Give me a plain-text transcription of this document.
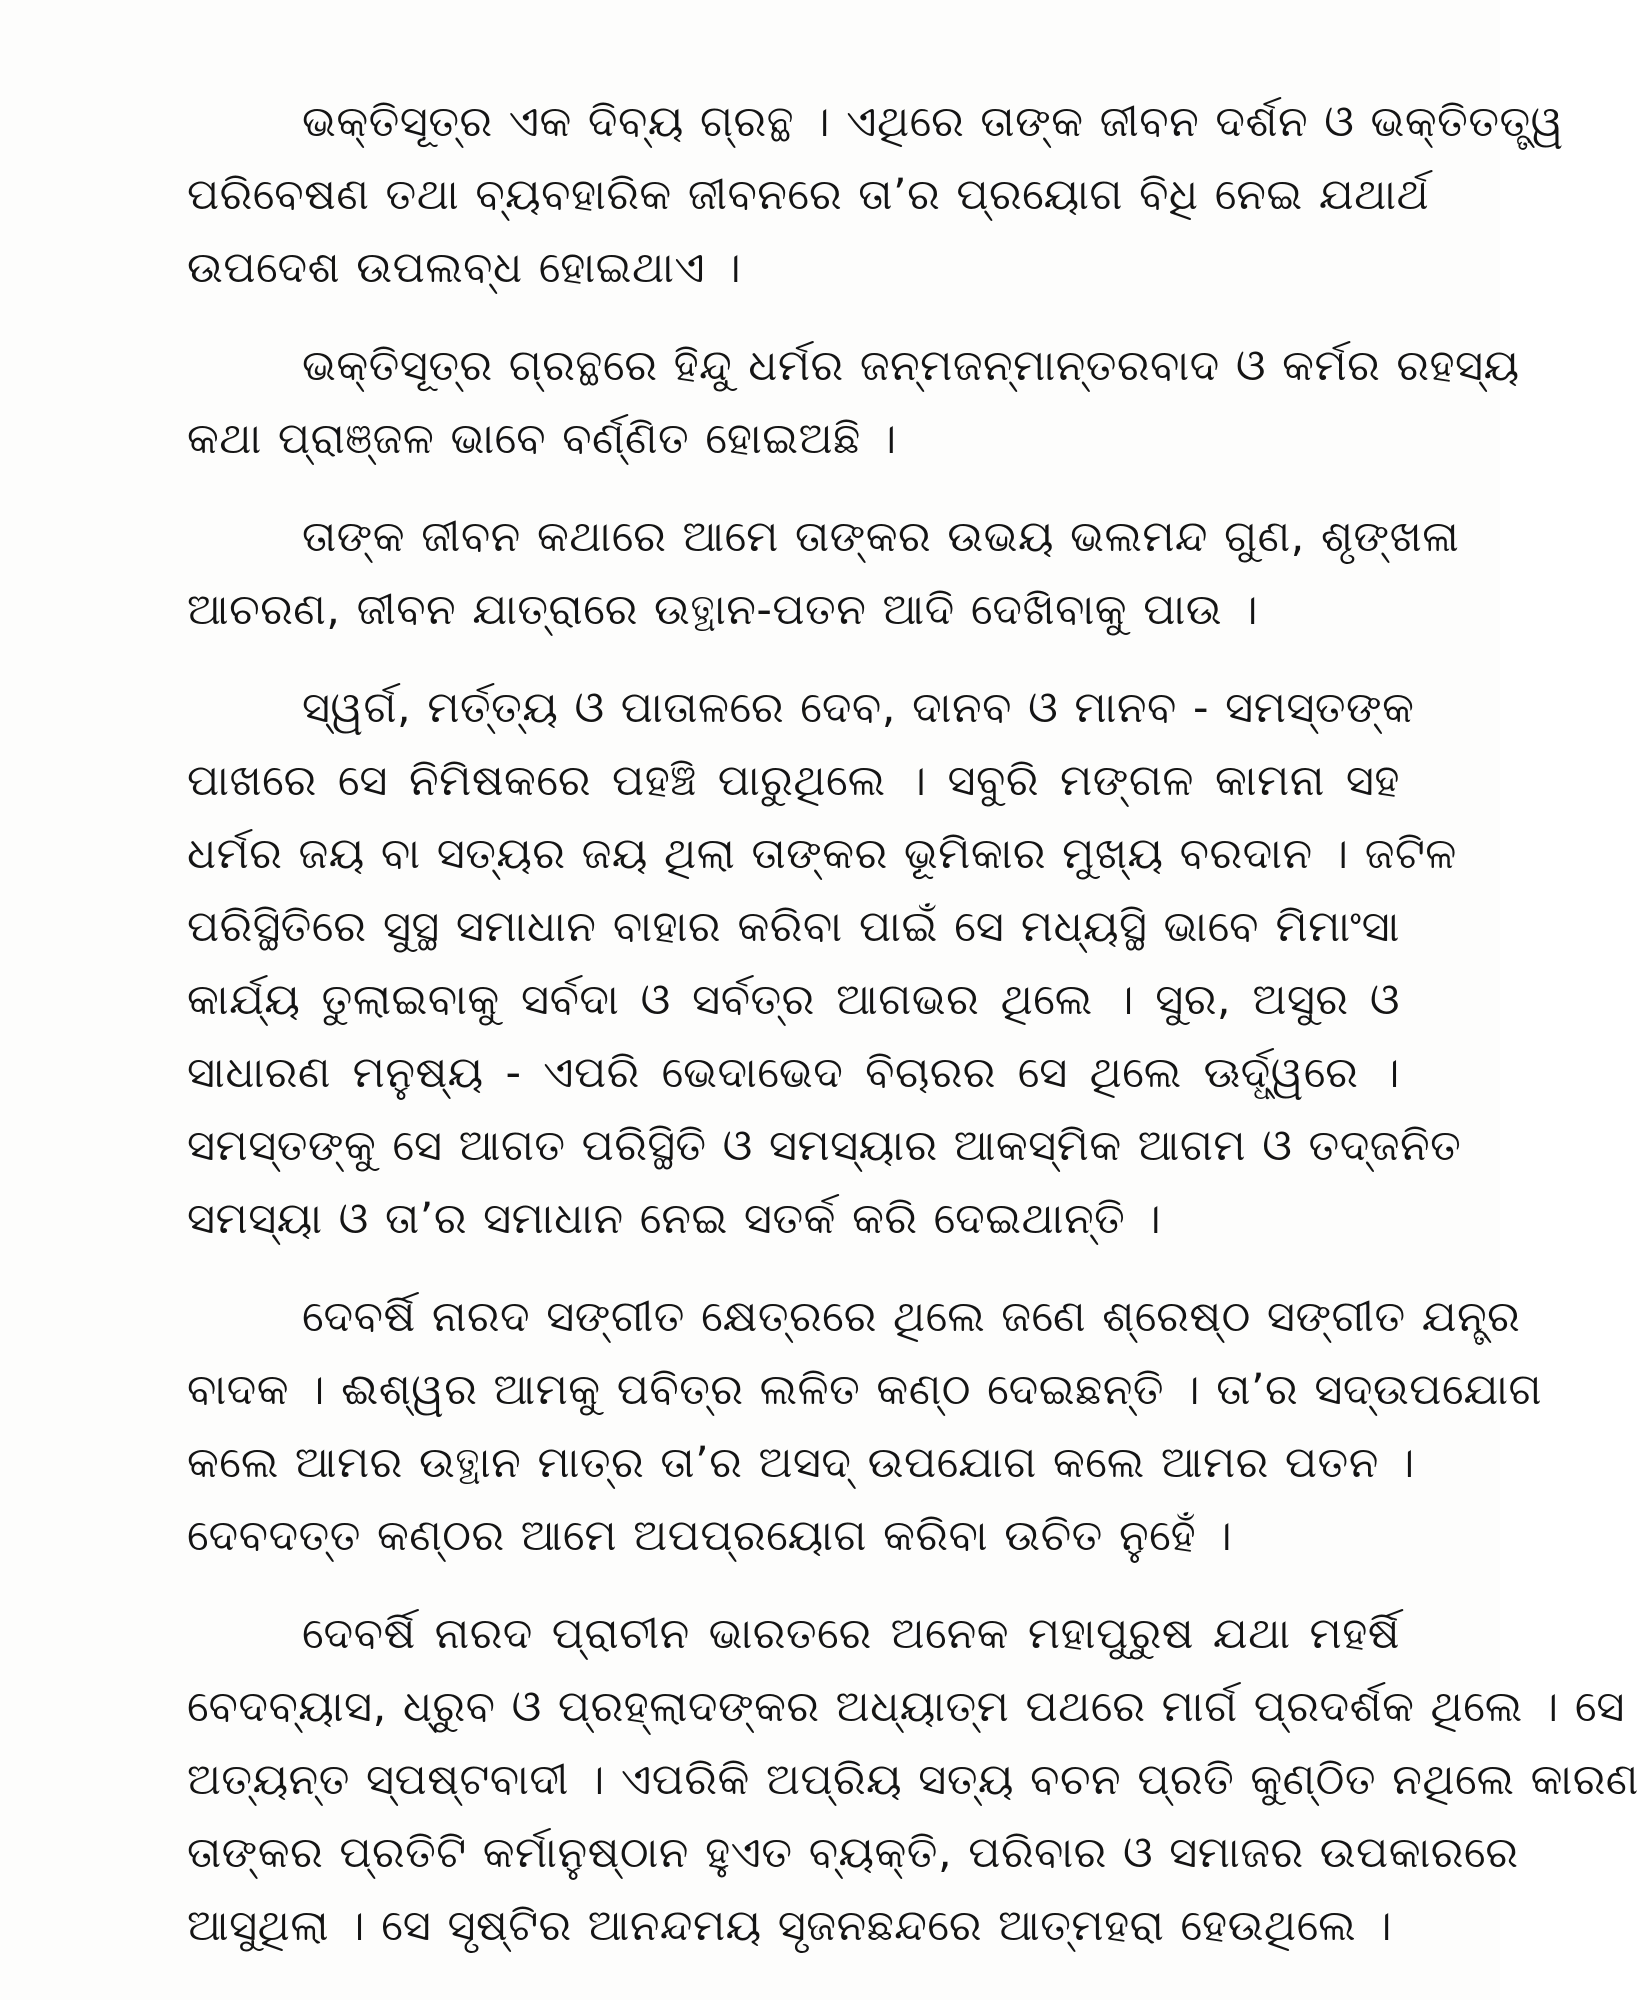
ଭକ୍ତିସୂତ୍ର ଏକ ଦିବ୍ୟ ଗ୍ରନ୍ଥ । ଏଥିରେ ତାଙ୍କ ଜୀବନ ଦର୍ଶନ ଓ ଭକ୍ତିତତ୍ତ୍ୱ
ପରିବେଷଣ ତଥା ବ୍ୟବହାରିକ ଜୀବନରେ ତା’ର ପ୍ରୟୋଗ ବିଧି ନେଇ ଯଥାର୍ଥ
ଉପଦେଶ ଉପଲବ୍ଧ ହୋଇଥାଏ ।
ଭକ୍ତିସୂତ୍ର ଗ୍ରନ୍ଥରେ ହିନ୍ଦୁ ଧର୍ମର ଜନ୍ମଜନ୍ମାନ୍ତରବାଦ ଓ କର୍ମର ରହସ୍ୟ
କଥା ପ୍ରାଞ୍ଜଳ ଭାବେ ବର୍ଣ୍ଣିତ ହୋଇଅଛି ।
ତାଙ୍କ ଜୀବନ କଥାରେ ଆମେ ତାଙ୍କର ଉଭୟ ଭଲମନ୍ଦ ଗୁଣ, ଶୃଙ୍ଖଳା
ଆଚରଣ, ଜୀବନ ଯାତ୍ରାରେ ଉତ୍ଥାନ-ପତନ ଆଦି ଦେଖିବାକୁ ପାଉ ।
ସ୍ୱର୍ଗ, ମର୍ତ୍ତ୍ୟ ଓ ପାତାଳରେ ଦେବ, ଦାନବ ଓ ମାନବ - ସମସ୍ତଙ୍କ
ପାଖରେ ସେ ନିମିଷକରେ ପହଞ୍ଚି ପାରୁଥିଲେ । ସବୁରି ମଙ୍ଗଳ କାମନା ସହ
ଧର୍ମର ଜୟ ବା ସତ୍ୟର ଜୟ ଥିଲା ତାଙ୍କର ଭୂମିକାର ମୁଖ୍ୟ ବରଦାନ । ଜଟିଳ
ପରିସ୍ଥିତିରେ ସୁସ୍ଥ ସମାଧାନ ବାହାର କରିବା ପାଇଁ ସେ ମଧ୍ୟସ୍ଥି ଭାବେ ମିମାଂସା
କାର୍ଯ୍ୟ ତୁଲାଇବାକୁ ସର୍ବଦା ଓ ସର୍ବତ୍ର ଆଗଭର ଥିଲେ । ସୁର, ଅସୁର ଓ
ସାଧାରଣ ମନୁଷ୍ୟ - ଏପରି ଭେଦାଭେଦ ବିଚାରର ସେ ଥିଲେ ଊର୍ଦ୍ଧ୍ୱରେ ।
ସମସ୍ତଙ୍କୁ ସେ ଆଗତ ପରିସ୍ଥିତି ଓ ସମସ୍ୟାର ଆକସ୍ମିକ ଆଗମ ଓ ତଦ୍‌ଜନିତ
ସମସ୍ୟା ଓ ତା’ର ସମାଧାନ ନେଇ ସତର୍କ କରି ଦେଇଥାନ୍ତି ।
ଦେବର୍ଷି ନାରଦ ସଙ୍ଗୀତ କ୍ଷେତ୍ରରେ ଥିଲେ ଜଣେ ଶ୍ରେଷ୍ଠ ସଙ୍ଗୀତ ଯନ୍ତ୍ର
ବାଦକ । ଈଶ୍ୱର ଆମକୁ ପବିତ୍ର ଲଳିତ କଣ୍ଠ ଦେଇଛନ୍ତି । ତା’ର ସଦ୍‌ଉପଯୋଗ
କଲେ ଆମର ଉତ୍ଥାନ ମାତ୍ର ତା’ର ଅସଦ୍ ଉପଯୋଗ କଲେ ଆମର ପତନ ।
ଦେବଦତ୍ତ କଣ୍ଠର ଆମେ ଅପପ୍ରୟୋଗ କରିବା ଉଚିତ ନୁହେଁ ।
ଦେବର୍ଷି ନାରଦ ପ୍ରାଚୀନ ଭାରତରେ ଅନେକ ମହାପୁରୁଷ ଯଥା ମହର୍ଷି
ବେଦବ୍ୟାସ, ଧ୍ରୁବ ଓ ପ୍ରହ୍ଲାଦଙ୍କର ଅଧ୍ୟାତ୍ମ ପଥରେ ମାର୍ଗ ପ୍ରଦର୍ଶକ ଥିଲେ । ସେ
ଅତ୍ୟନ୍ତ ସ୍ପଷ୍ଟବାଦୀ । ଏପରିକି ଅପ୍ରିୟ ସତ୍ୟ ବଚନ ପ୍ରତି କୁଣ୍ଠିତ ନଥିଲେ କାରଣ
ତାଙ୍କର ପ୍ରତିଟି କର୍ମାନୁଷ୍ଠାନ ହୁଏତ ବ୍ୟକ୍ତି, ପରିବାର ଓ ସମାଜର ଉପକାରରେ
ଆସୁଥିଲା । ସେ ସୃଷ୍ଟିର ଆନନ୍ଦମୟ ସୃଜନଛନ୍ଦରେ ଆତ୍ମହରା ହେଉଥିଲେ ।
